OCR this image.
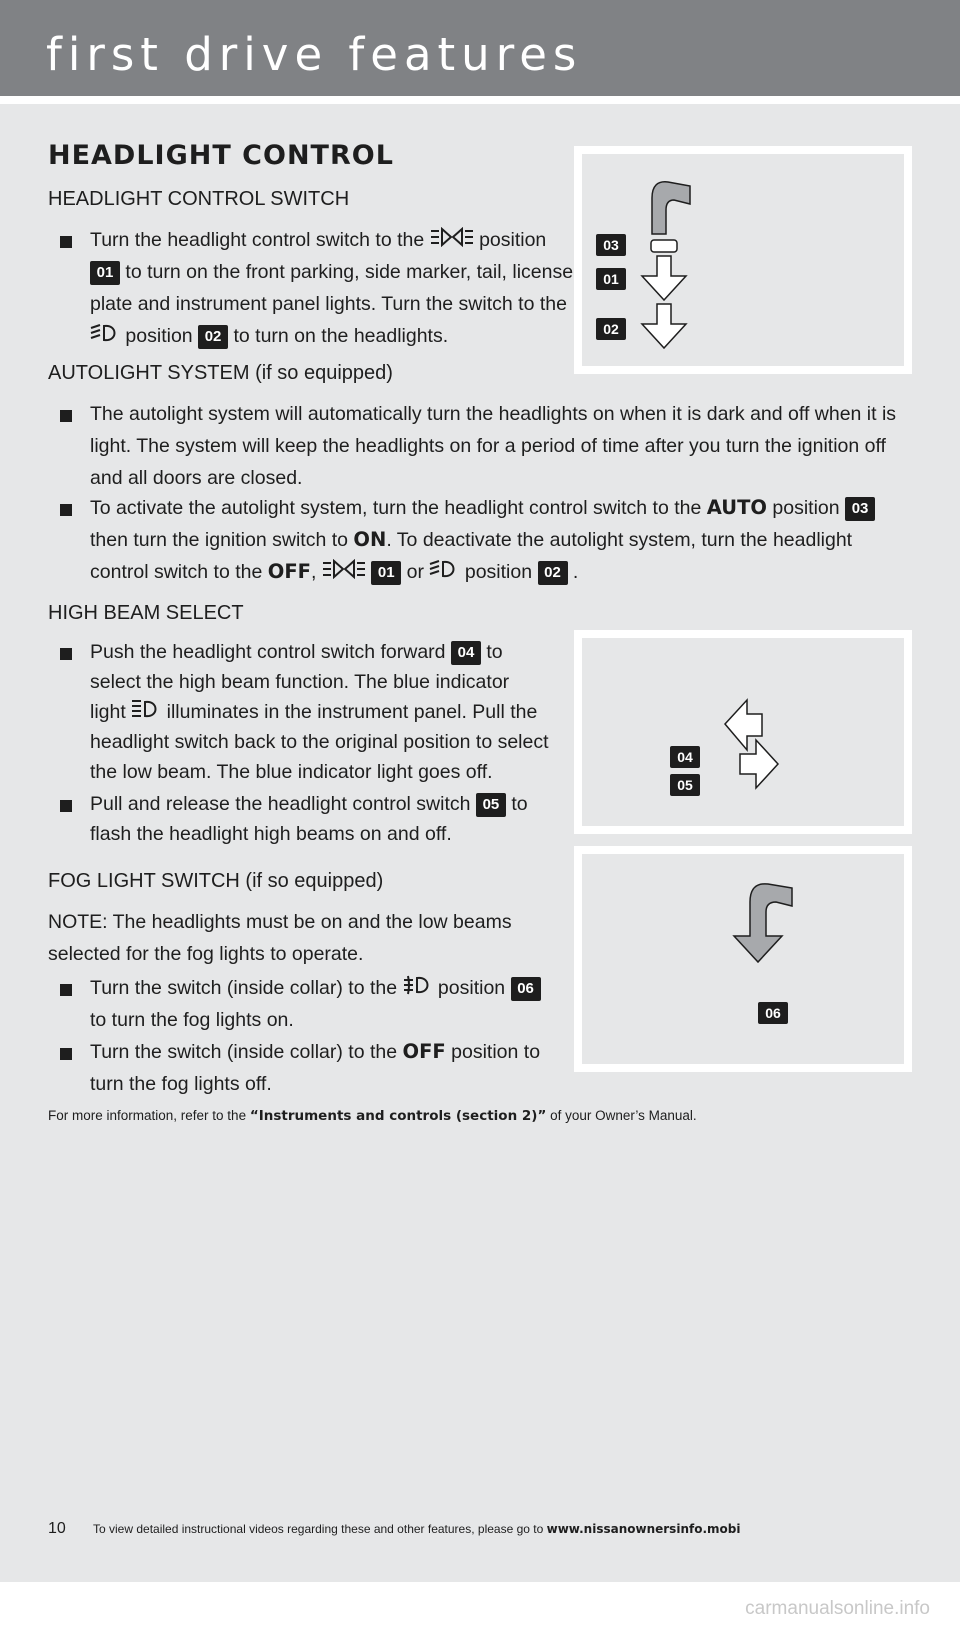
first drive features
HEADLIGHT CONTROL
HEADLIGHT CONTROL SWITCH
Turn the headlight control switch to the	position
01 to turn on the front parking, side marker, tail, license
plate and instrument panel lights. Turn the switch to the
position 02 to turn on the headlights.
AUTOLIGHT SYSTEM (if so equipped)
The autolight system will automatically turn the headlights on when it is dark and off when it is
light. The system will keep the headlights on for a period of time after you turn the ignition off
and all doors are closed.
To activate the autolight system, turn the headlight control switch to the AUTO position 03
then turn the ignition switch to ON. To deactivate the autolight system, turn the headlight
control switch to the OFF,	01 or position 02 .
HIGH BEAM SELECT
Push the headlight control switch forward 04 to
select the high beam function. The blue indicator
light illuminates in the instrument panel. Pull the
headlight switch back to the original position to select
the low beam. The blue indicator light goes off.
Pull and release the headlight control switch 05 to
flash the headlight high beams on and off.
FOG LIGHT SWITCH (if so equipped)
NOTE: The headlights must be on and the low beams
selected for the fog lights to operate.
Turn the switch (inside collar) to the position 06
to turn the fog lights on.
Turn the switch (inside collar) to the OFF position to
turn the fog lights off.
03
01
02
04
05
06
For more information, refer to the “Instruments and controls (section 2)” of your Owner’s Manual.
10 To view detailed instructional videos regarding these and other features, please go to www.nissanownersinfo.mobi
carmanualsonline.info
